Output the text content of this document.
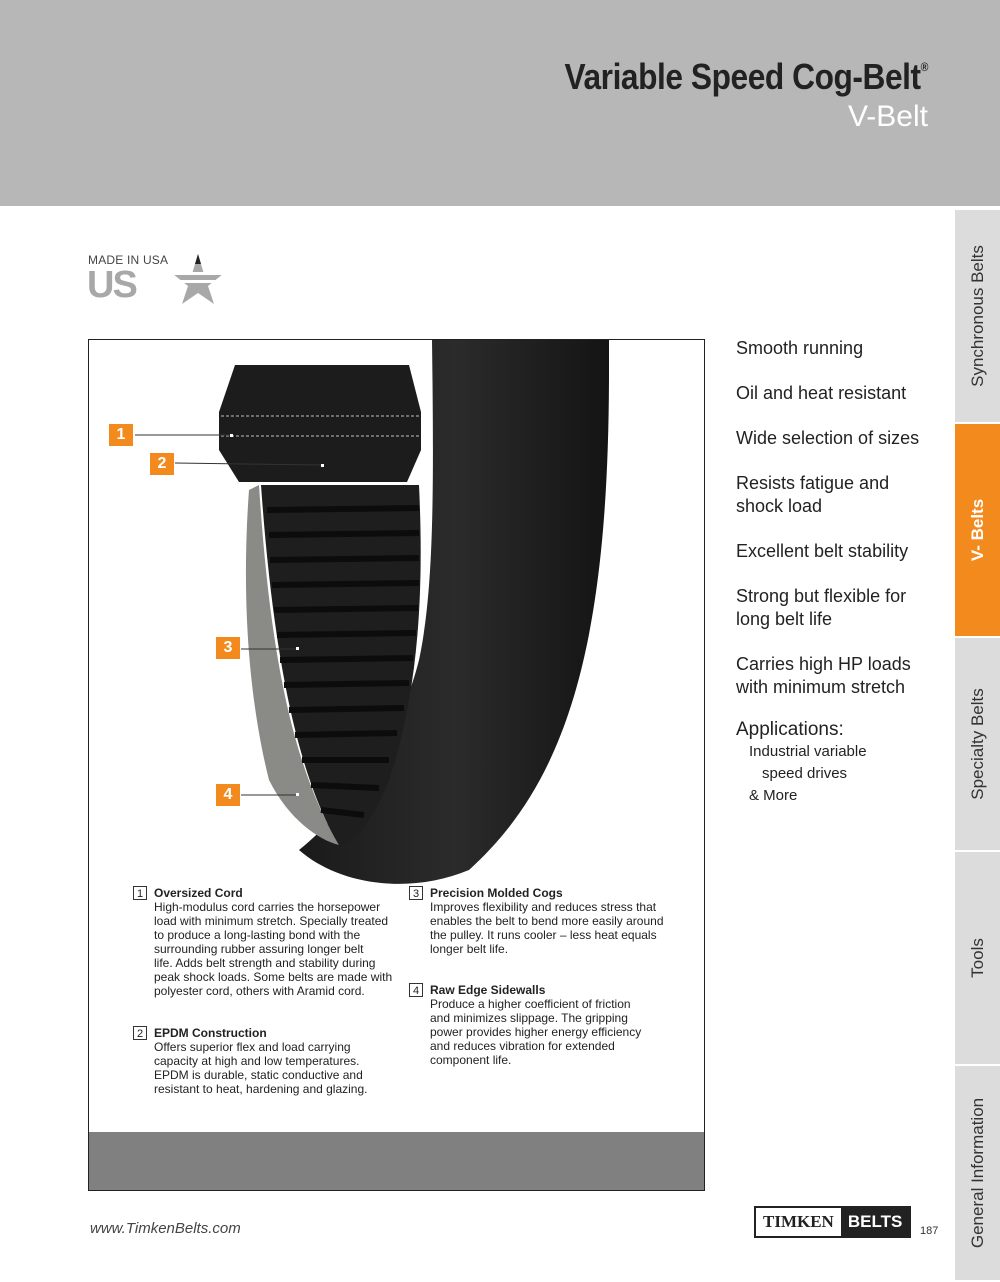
Variable Speed Cog-Belt®
V-Belt
Synchronous Belts
V- Belts
Specialty Belts
Tools
General Information
MADE IN USA
US
1
2
3
4
1 Oversized Cord
High-modulus cord carries the horsepower
load with minimum stretch. Specially treated
to produce a long-lasting bond with the
surrounding rubber assuring longer belt
life. Adds belt strength and stability during
peak shock loads. Some belts are made with
polyester cord, others with Aramid cord.
2 EPDM Construction
Offers superior flex and load carrying
capacity at high and low temperatures.
EPDM is durable, static conductive and
resistant to heat, hardening and glazing.
3 Precision Molded Cogs
Improves flexibility and reduces stress that
enables the belt to bend more easily around
the pulley. It runs cooler – less heat equals
longer belt life.
4 Raw Edge Sidewalls
Produce a higher coefficient of friction
and minimizes slippage. The gripping
power provides higher energy efficiency
and reduces vibration for extended
component life.
Smooth running
Oil and heat resistant
Wide selection of sizes
Resists fatigue and
shock load
Excellent belt stability
Strong but flexible for
long belt life
Carries high HP loads
with minimum stretch
Applications:
Industrial variable
speed drives
& More
www.TimkenBelts.com	TIMKEN BELTS	187
